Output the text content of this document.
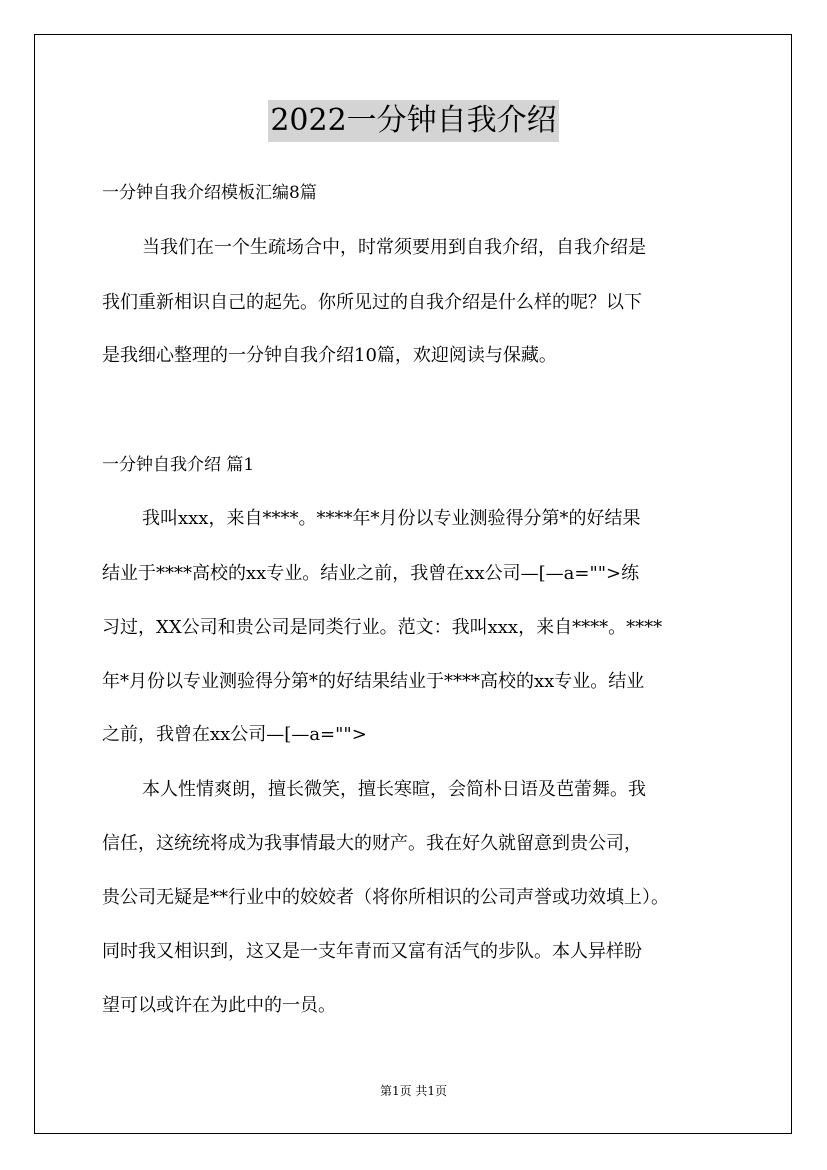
2022一分钟自我介绍
一分钟自我介绍模板汇编8篇
当我们在一个生疏场合中，时常须要用到自我介绍，自我介绍是
我们重新相识自己的起先。你所见过的自我介绍是什么样的呢？以下
是我细心整理的一分钟自我介绍10篇，欢迎阅读与保藏。
一分钟自我介绍 篇1
我叫xxx，来自****。****年*月份以专业测验得分第*的好结果
结业于****高校的xx专业。结业之前，我曾在xx公司—[—a="">练
习过，XX公司和贵公司是同类行业。范文：我叫xxx，来自****。****
年*月份以专业测验得分第*的好结果结业于****高校的xx专业。结业
之前，我曾在xx公司—[—a="">
本人性情爽朗，擅长微笑，擅长寒暄，会简朴日语及芭蕾舞。我
信任，这统统将成为我事情最大的财产。我在好久就留意到贵公司，
贵公司无疑是**行业中的姣姣者（将你所相识的公司声誉或功效填上）。
同时我又相识到，这又是一支年青而又富有活气的步队。本人异样盼
望可以或许在为此中的一员。
第1页 共1页
